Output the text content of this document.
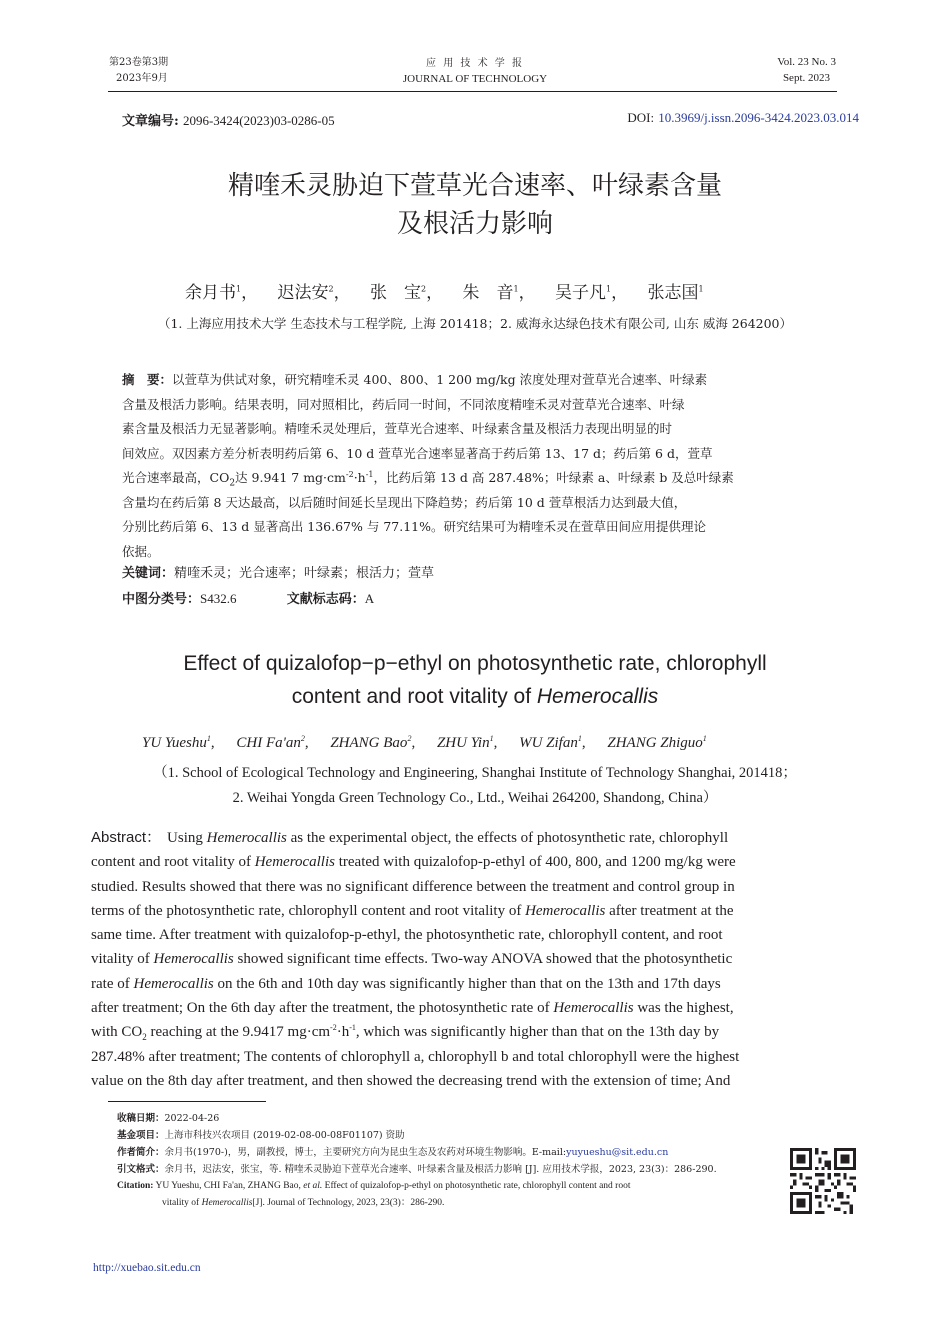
第23卷第3期
2023年9月
应 用 技 术 学 报
JOURNAL OF TECHNOLOGY
Vol. 23 No. 3
Sept. 2023
文章编号: 2096-3424(2023)03-0286-05	DOI: 10.3969/j.issn.2096-3424.2023.03.014
精喹禾灵胁迫下萱草光合速率、叶绿素含量
及根活力影响
余月书$^1$， 迟法安$^2$， 张　宝$^2$， 朱　音$^1$， 吴子凡$^1$， 张志国$^1$
（1. 上海应用技术大学 生态技术与工程学院, 上海 201418；2. 威海永达绿色技术有限公司, 山东 威海 264200）
摘　要：以萱草为供试对象，研究精喹禾灵 400、800、1 200 mg/kg 浓度处理对萱草光合速率、叶绿素
含量及根活力影响。结果表明，同对照相比，药后同一时间，不同浓度精喹禾灵对萱草光合速率、叶绿
素含量及根活力无显著影响。精喹禾灵处理后，萱草光合速率、叶绿素含量及根活力表现出明显的时
间效应。双因素方差分析表明药后第 6、10 d 萱草光合速率显著高于药后第 13、17 d；药后第 6 d，萱草
光合速率最高，$CO_2$达 9.941 7 $mg\cdot cm^{-2}\cdot h^{-1}$，比药后第 13 d 高 287.48%；叶绿素 a、叶绿素 b 及总叶绿素
含量均在药后第 8 天达最高，以后随时间延长呈现出下降趋势；药后第 10 d 萱草根活力达到最大值，
分别比药后第 6、13 d 显著高出 136.67% 与 77.11%。研究结果可为精喹禾灵在萱草田间应用提供理论
依据。
关键词：精喹禾灵；光合速率；叶绿素；根活力；萱草
中图分类号：S432.6	文献标志码：A
Effect of quizalofop−p−ethyl on photosynthetic rate, chlorophyll
content and root vitality of Hemerocallis
YU Yueshu$^1$, CHI $Fa'an^2$, ZHANG Bao$^2$, ZHU Yin$^1$, WU Zifan$^1$, ZHANG Zhiguo$^1$
（1. School of Ecological Technology and Engineering, Shanghai Institute of Technology Shanghai, 201418；
2. Weihai Yongda Green Technology Co., Ltd., Weihai 264200, Shandong, China）
Abstract： Using Hemerocallis as the experimental object, the effects of photosynthetic rate, chlorophyll
content and root vitality of Hemerocallis treated with quizalofop-p-ethyl of 400, 800, and 1200 mg/kg were
studied. Results showed that there was no significant difference between the treatment and control group in
terms of the photosynthetic rate, chlorophyll content and root vitality of Hemerocallis after treatment at the
same time. After treatment with quizalofop-p-ethyl, the photosynthetic rate, chlorophyll content, and root
vitality of Hemerocallis showed significant time effects. Two-way ANOVA showed that the photosynthetic
rate of Hemerocallis on the 6th and 10th day was significantly higher than that on the 13th and 17th days
after treatment; On the 6th day after the treatment, the photosynthetic rate of Hemerocallis was the highest,
with $CO_2$ reaching at the 9.9417 $mg\cdot cm^{-2}\cdot h^{-1}$, which was significantly higher than that on the 13th day by
287.48% after treatment; The contents of chlorophyll a, chlorophyll b and total chlorophyll were the highest
value on the 8th day after treatment, and then showed the decreasing trend with the extension of time; And
收稿日期：2022-04-26
基金项目：上海市科技兴农项目 (2019-02-08-00-08F01107) 资助
作者简介：余月书(1970-)，男，副教授，博士，主要研究方向为昆虫生态及农药对环境生物影响。E-mail:yuyueshu@sit.edu.cn
引文格式：余月书，迟法安，张宝，等. 精喹禾灵胁迫下萱草光合速率、叶绿素含量及根活力影响 [J]. 应用技术学报，2023, 23(3)：286-290.
Citation: YU Yueshu, CHI Fa'an, ZHANG Bao, et al. Effect of quizalofop-p-ethyl on photosynthetic rate, chlorophyll content and root
vitality of Hemerocallis[J]. Journal of Technology, 2023, 23(3)：286-290.
http://xuebao.sit.edu.cn
